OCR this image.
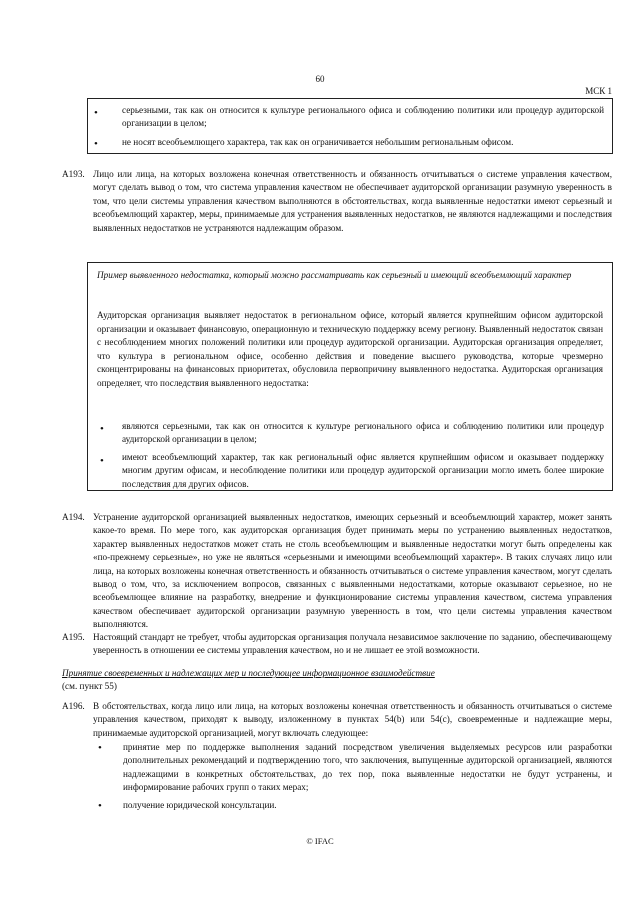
60
МСК 1
•	серьезными, так как он относится к культуре регионального офиса и соблюдению политики или процедур аудиторской организации в целом;
•	не носят всеобъемлющего характера, так как он ограничивается небольшим региональным офисом.
A193. Лицо или лица, на которых возложена конечная ответственность и обязанность отчитываться о системе управления качеством, могут сделать вывод о том, что система управления качеством не обеспечивает аудиторской организации разумную уверенность в том, что цели системы управления качеством выполняются в обстоятельствах, когда выявленные недостатки имеют серьезный и всеобъемлющий характер, меры, принимаемые для устранения выявленных недостатков, не являются надлежащими и последствия выявленных недостатков не устраняются надлежащим образом.
Пример выявленного недостатка, который можно рассматривать как серьезный и имеющий всеобъемлющий характер
Аудиторская организация выявляет недостаток в региональном офисе, который является крупнейшим офисом аудиторской организации и оказывает финансовую, операционную и техническую поддержку всему региону. Выявленный недостаток связан с несоблюдением многих положений политики или процедур аудиторской организации. Аудиторская организация определяет, что культура в региональном офисе, особенно действия и поведение высшего руководства, которые чрезмерно сконцентрированы на финансовых приоритетах, обусловила первопричину выявленного недостатка. Аудиторская организация определяет, что последствия выявленного недостатка:
• являются серьезными, так как он относится к культуре регионального офиса и соблюдению политики или процедур аудиторской организации в целом;
• имеют всеобъемлющий характер, так как региональный офис является крупнейшим офисом и оказывает поддержку многим другим офисам, и несоблюдение политики или процедур аудиторской организации могло иметь более широкие последствия для других офисов.
A194. Устранение аудиторской организацией выявленных недостатков, имеющих серьезный и всеобъемлющий характер, может занять какое-то время. По мере того, как аудиторская организация будет принимать меры по устранению выявленных недостатков, характер выявленных недостатков может стать не столь всеобъемлющим и выявленные недостатки могут быть определены как «по-прежнему серьезные», но уже не являться «серьезными и имеющими всеобъемлющий характер». В таких случаях лицо или лица, на которых возложены конечная ответственность и обязанность отчитываться о системе управления качеством, могут сделать вывод о том, что, за исключением вопросов, связанных с выявленными недостатками, которые оказывают серьезное, но не всеобъемлющее влияние на разработку, внедрение и функционирование системы управления качеством, система управления качеством обеспечивает аудиторской организации разумную уверенность в том, что цели системы управления качеством выполняются.
A195. Настоящий стандарт не требует, чтобы аудиторская организация получала независимое заключение по заданию, обеспечивающему уверенность в отношении ее системы управления качеством, но и не лишает ее этой возможности.
Принятие своевременных и надлежащих мер и последующее информационное взаимодействие
(см. пункт 55)
A196. В обстоятельствах, когда лицо или лица, на которых возложены конечная ответственность и обязанность отчитываться о системе управления качеством, приходят к выводу, изложенному в пунктах 54(b) или 54(c), своевременные и надлежащие меры, принимаемые аудиторской организацией, могут включать следующее:
• принятие мер по поддержке выполнения заданий посредством увеличения выделяемых ресурсов или разработки дополнительных рекомендаций и подтверждению того, что заключения, выпущенные аудиторской организацией, являются надлежащими в конкретных обстоятельствах, до тех пор, пока выявленные недостатки не будут устранены, и информирование рабочих групп о таких мерах;
• получение юридической консультации.
© IFAC
